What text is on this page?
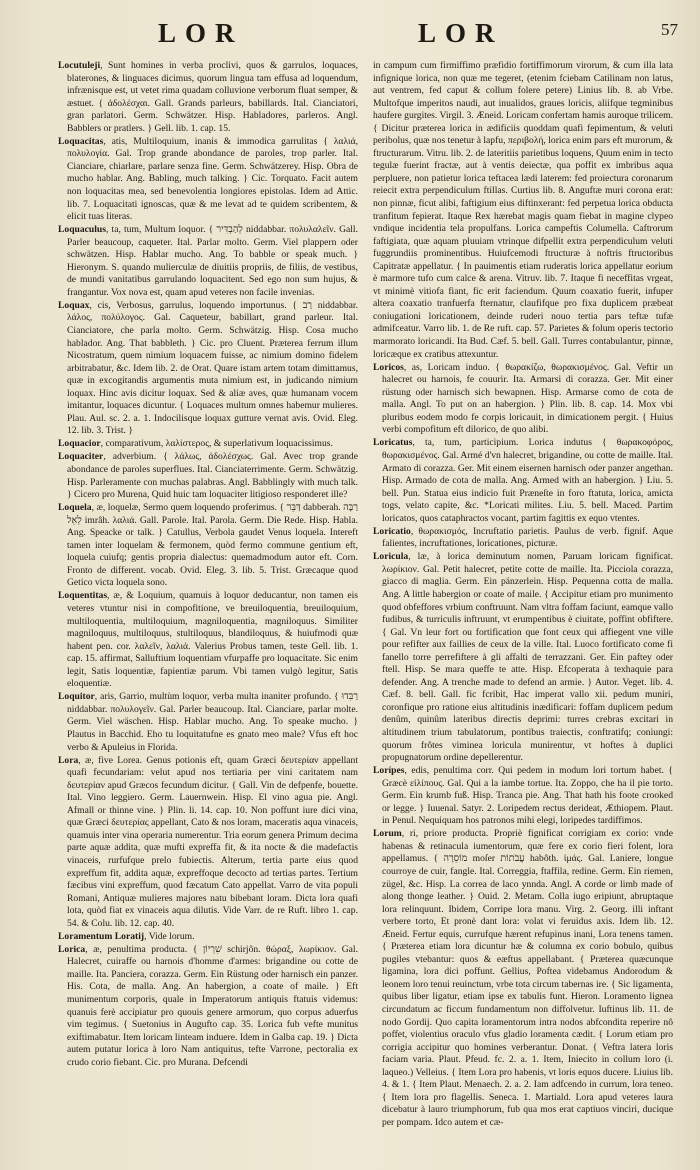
LOR	LOR	57

Locutuleji, Sunt homines in verba proclivi, quos & garrulos, loquaces, blaterones, & linguaces dicimus, quorum lingua tam effusa ad loquendum, infrænisque est, ut vetet rima quadam colluvione verborum fluat semper, & æstuet. { ἀδολέσχαι. Gall. Grands parleurs, babillards. Ital. Cianciatori, gran parlatori. Germ. Schwätzer. Hisp. Habladores, parleros. Angl. Babblers or pratlers. } Gell. lib. 1. cap. 15.

Loquacitas, atis, Multiloquium, inanis & immodica garrulitas { λαλιά, πολυλογία. Gal. Trop grande abondance de paroles, trop parler. Ital. Cianciare, chiarlare, parlare senza fine. Germ. Schwätzerey. Hisp. Obra de mucho hablar. Ang. Babling, much talking. } Cic. Torquato. Facit autem non loquacitas mea, sed benevolentia longiores epistolas. Idem ad Attic. lib. 7. Loquacitati ignoscas, quæ & me levat ad te quidem scribentem, & elicit tuas literas.

Loquaculus, ta, tum, Multum loquor. { לְהַבְדִּיר niddabbar. πολυλαλεῖν. Gall. Parler beaucoup, caqueter. Ital. Parlar molto. Germ. Viel plappern oder schwätzen. Hisp. Hablar mucho. Ang. To babble or speak much. } Hieronym. S. quando mulierculæ de diuitiis propriis, de filiis, de vestibus, de mundi vanitatibus garrulando loquacitent. Sed ego non sum hujus, & frangantur. Vox nova est, quam apud veteres non facile invenias.

Loquax, cis, Verbosus, garrulus, loquendo importunus. { רַב niddabbar. λάλος, πολύλογος. Gal. Caqueteur, babillart, grand parleur. Ital. Cianciatore, che parla molto. Germ. Schwätzig. Hisp. Cosa mucho hablador. Ang. That babbleth. } Cic. pro Cluent. Præterea ferrum illum Nicostratum, quem nimium loquacem fuisse, ac nimium domino fidelem arbitrabatur, &c. Idem lib. 2. de Orat. Quare istam artem totam dimittamus, quæ in excogitandis argumentis muta nimium est, in judicando nimium loquax. Hinc avis dicitur loquax. Sed & aliæ aves, quæ humanam vocem imitantur, loquaces dicuntur. { Loquaces multum omnes habemur mulieres. Plau. Aul. sc. 2. a. 1. Indocilisque loquax gutture vernat avis. Ovid. Eleg. 12. lib. 3. Trist. }

Loquacior, comparativum, λαλίστερος, & superlativum loquacissimus.

Loquaciter, adverbium. { λάλως, ἀδολέσχως. Gal. Avec trop grande abondance de paroles superflues. Ital. Cianciaterrimente. Germ. Schwätzig. Hisp. Parleramente con muchas palabras. Angl. Babblingly with much talk. } Cicero pro Murena, Quid huic tam loquaciter litigioso responderet ille?

Loquela, æ, loquelæ, Sermo quem loquendo proferimus. { דַּבֵּר dabberah. רַבָּה לְאֵל imrâh. λαλιά. Gall. Parole. Ital. Parola. Germ. Die Rede. Hisp. Habla. Ang. Speacke or talk. } Catullus, Verbola gaudet Venus loquela. Intereft tamen inter loquelam & fermonem, quòd fermo commune gentium eft, loquela cuiufq; gentis propria dialectus: quemadmodum autor eft. Corn. Fronto de different. vocab. Ovid. Eleg. 3. lib. 5. Trist. Græcaque quod Getico victa loquela sono.

Loquentitas, æ, & Loquium, quamuis à loquor deducantur, non tamen eis veteres vtuntur nisi in compofitione, ve breuiloquentia, breuiloquium, multiloquentia, multiloquium, magniloquentia, magniloquus. Similiter magniloquus, multiloquus, stultiloquus, blandiloquus, & huiufmodi quæ habent pen. cor. λαλεῖν, λαλιά. Valerius Probus tamen, teste Gell. lib. 1. cap. 15. affirmat, Salluftium loquentiam vfurpaffe pro loquacitate. Sic enim legit, Satis loquentiæ, fapientiæ parum. Vbi tamen vulgò legitur, Satis eloquentiæ.

Loquitor, aris, Garrio, multùm loquor, verba multa inaniter profundo. { רַבִּדוּ niddabbar. πολυλογεῖν. Gal. Parler beaucoup. Ital. Cianciare, parlar molte. Germ. Viel wäschen. Hisp. Hablar mucho. Ang. To speake mucho. } Plautus in Bacchid. Eho tu loquitatufne es gnato meo male? Vfus eft hoc verbo & Apuleius in Florida.

Lora, æ, five Lorea. Genus potionis eft, quam Græci δευτερίαν appellant quafi fecundariam: velut apud nos tertiaria per vini caritatem nam δευτερίαν apud Græcos fecundum dicitur. { Gall. Vin de defpenfe, bouette. Ital. Vino leggiero. Germ. Lauernwein. Hisp. El vino agua pie. Angl. Afmall or thinne vine. } Plin. li. 14. cap. 10. Non poffunt iure dici vina, quæ Græci δευτερίας appellant, Cato & nos loram, maceratis aqua vinaceis, quamuis inter vina operaria numerentur. Tria eorum genera Primum decima parte aquæ addita, quæ mufti expreffa fit, & ita nocte & die madefactis vinaceis, rurfufque prelo fubiectis. Alterum, tertia parte eius quod expreffum fit, addita aquæ, expreffoque decocto ad tertias partes. Tertium fæcibus vini expreffum, quod fæcatum Cato appellat. Varro de vita populi Romani, Antiquæ mulieres majores natu bibebant loram. Dicta lora quafi lota, quòd fiat ex vinaceis aqua dilutis. Vide Varr. de re Ruft. libro 1. cap. 54. & Colu. lib. 12. cap. 40.

Loramentum Loratij, Vide lorum.

Lorica, æ, penultima producta. { שִׁרְיוֹן schirjôn. θώραξ, λωρίκιον. Gal. Halecret, cuiraffe ou harnois d'homme d'armes: brigandine ou cotte de maille. Ita. Panciera, corazza. Germ. Ein Rüstung oder harnisch ein panzer. His. Cota, de malla. Ang. An habergion, a coate of maile. } Eft munimentum corporis, quale in Imperatorum antiquis ftatuis videmus: quanuis ferè accipiatur pro quouis genere armorum, quo corpus aduerfus vim tegimus. { Suetonius in Augufto cap. 35. Lorica fub vefte munitus exiftimabatur. Item loricam linteam induere. Idem in Galba cap. 19. } Dicta autem putatur lorica à loro Nam antiquitus, tefte Varrone, pectoralia ex crudo corio fiebant. Cic. pro Murana. Defcendi

in campum cum firmiffimo præfidio fortiffimorum virorum, & cum illa lata infignique lorica, non quæ me tegeret, (etenim fciebam Catilinam non latus, aut ventrem, fed caput & collum folere petere) Linius lib. 8. ab Vrbe. Multofque imperitos naudi, aut inualidos, graues loricis, aliifque tegminibus haufere gurgites. Virgil. 3. Æneid. Loricam confertam hamis auroque trilicem. { Dicitur præterea lorica in ædificiis quoddam quafi fepimentum, & veluti peribolus, quæ nos tenetur à lapfu, περιβολή, lorica enim pars eft murorum, & ftructurarum. Vitru. lib. 2. de lateritiis parietibus loquens, Quum enim in tecto tegulæ fuerint fractæ, aut à ventis deiectæ, qua poffit ex imbribus aqua perpluere, non patietur lorica teftacea lædi laterem: fed proiectura coronarum reiecit extra perpendiculum ftillas. Curtius lib. 8. Anguftæ muri corona erat: non pinnæ, ficut alibi, faftigium eius diftinxerant: fed perpetua lorica obducta tranfitum fepierat. Itaque Rex hærebat magis quam fiebat in magine clypeo vndique incidentia tela propulfans. Lorica campeftis Columella. Caftrorum faftigiata, quæ aquam pluuiam vtrinque difpellit extra perpendiculum veluti fuggrundiis prominentibus. Huiufcemodi ftructuræ à noftris ftructoribus Capitratæ appellatur. { In pauimentis etiam ruderatis lorica appellatur eorium è marmore tufo cum calce & arena. Vitruv. lib. 7. Itaque fi neceffitas vrgeat, vt minimè vitiofa fiant, fic erit faciendum. Quum coaxatio fuerit, infuper altera coaxatio tranfuerfa fternatur, claufifque pro fixa duplicem præbeat coniugationi loricationem, deinde ruderi nouo tertia pars teftæ tufæ admifceatur. Varro lib. 1. de Re ruft. cap. 57. Parietes & folum operis tectorio marmorato loricandi. Ita Bud. Cæf. 5. bell. Gall. Turres contabulantur, pinnæ, loricæque ex cratibus attexuntur.

Loricos, as, Loricam induo. { θωρακίζω, θωρακισμένος. Gal. Veftir un halecret ou harnois, fe couurir. Ita. Armarsi di corazza. Ger. Mit einer rüstung oder harnisch sich bewapnen. Hisp. Armarse como de cota de malla. Angl. To put on an habergion. } Plin. lib. 8. cap. 14. Mox vbi pluribus eodem modo fe corpis loricauit, in dimicationem pergit. { Huius verbi compofitum eft dilorico, de quo alibi.

Loricatus, ta, tum, participium. Lorica indutus { θωρακοφόρος, θωρακισμένος. Gal. Armé d'vn halecret, brigandine, ou cotte de maille. Ital. Armato di corazza. Ger. Mit einem eisernen harnisch oder panzer angethan. Hisp. Armado de cota de malla. Ang. Armed with an habergion. } Liu. 5. bell. Pun. Statua eius indicio fuit Præneſte in foro ftatuta, lorica, amicta togs, velato capite, &c. *Loricati milites. Liu. 5. bell. Maced. Partim loricatos, quos cataphractos vocant, partim fagittis ex equo vtentes.

Loricatio, θωρακισμός, Incruftatio parietis. Paulus de verb. fignif. Aque falientes, incruftationes, loricationes, picturæ.

Loricula, læ, à lorica deminutum nomen, Paruam loricam fignificat. λωρίκιον. Gal. Petit halecret, petite cotte de maille. Ita. Picciola corazza, giacco di maglia. Germ. Ein pänzerlein. Hisp. Pequenna cotta de malla. Ang. A little habergion or coate of maile. { Accipitur etiam pro munimento quod obfeffores vrbium conftruunt. Nam vltra foffam faciunt, eamque vallo fudibus, & turriculis inftruunt, vt erumpentibus è ciuitate, poffint obfiftere. { Gal. Vn leur fort ou fortification que font ceux qui affiegent vne ville pour refifter aux faillies de ceux de la ville. Ital. Luoco fortificato come fi fanello torre perrefiftere à gli affalti de terrazzani. Ger. Ein paftey oder ftell. Hisp. Se mara queffe te atte. Hisp. Efcoperata à texhaquie para defender. Ang. A trenche made to defend an armie. } Autor. Veget. lib. 4. Cæf. 8. bell. Gall. fic fcribit, Hac imperat vallo xii. pedum muniri, coronfique pro ratione eius altitudinis inædificari: foffam duplicem pedum denûm, quinûm lateribus directis deprimi: turres crebras excitari in altitudinem trium tabulatorum, pontibus traiectis, conftratifq; coniungi: quorum frôtes viminea loricula munirentur, vt hoftes à duplici propugnatorum ordine depellerentur.

Lorípes, edis, penultima corr. Qui pedem in modum lori tortum habet. { Græcè εἰλίπους. Gal. Qui a la iambe tortue. Ita. Zoppo, che ha il pie torto. Germ. Ein krumb fuß. Hisp. Tranca pie. Ang. That hath his foote crooked or legge. } Iuuenal. Satyr. 2. Loripedem rectus derideat, Æthiopem. Plaut. in Penul. Nequiquam hos patronos mihi elegi, loripedes tardiffimos.

Lorum, ri, priore producta. Propriè fignificat corrigiam ex corio: vnde habenas & retinacula iumentorum, quæ fere ex corio fieri folent, lora appellamus. { מוֹסֵרָה moſer עֲבֹתוֹת habôth. ἱμάς. Gal. Laniere, longue courroye de cuir, fangle. Ital. Correggia, ftaffila, redine. Germ. Ein riemen, zügel, &c. Hisp. La correa de laco ynnda. Angl. A corde or limb made of along thonge leather. } Ouid. 2. Metam. Colla iugo eripiunt, abruptaque lora relinquunt. Ibidem, Corripe lora manu. Virg. 2. Georg. illi inftant verbere torto, Et pronè dant lora: volat vi feruidus axis. Idem lib. 12. Æneid. Fertur equis, currufque hærent refupinus inani, Lora tenens tamen. { Præterea etiam lora dicuntur hæ & columna ex corio bobulo, quibus pugiles vtebantur: quos & eæftus appellabant. { Præterea quæcunque ligamina, lora dici poffunt. Gellius, Poftea videbamus Andorodum & leonem loro tenui reuinctum, vrbe tota circum tabernas ire. { Sic ligamenta, quibus liber ligatur, etiam ipse ex tabulis funt. Hieron. Loramento lignea circundatum ac ficcum fundamentum non diffolvetur. Iuftinus lib. 11. de nodo Gordij. Quo capita loramentorum intra nodos abfcondita reperire nô poffet, violentius oraculo vfus gladio loramenta cædit. { Lorum etiam pro corrigia accipitur quo homines verberantur. Donat. { Veftra latera loris faciam varia. Plaut. Pfeud. fc. 2. a. 1. Item, Iniecito in collum loro (i. laqueo.) Velleius. { Item Lora pro habenis, vt loris equos ducere. Liuius lib. 4. & 1. { Item Plaut. Menaech. 2. a. 2. Iam adfcendo in currum, lora teneo. { Item lora pro flagellis. Seneca. 1. Martiald. Lora apud veteres laura dicebatur à lauro triumphorum, fub qua mos erat captiuos vinciri, ducique per pompam. Idco autem et cæ-
